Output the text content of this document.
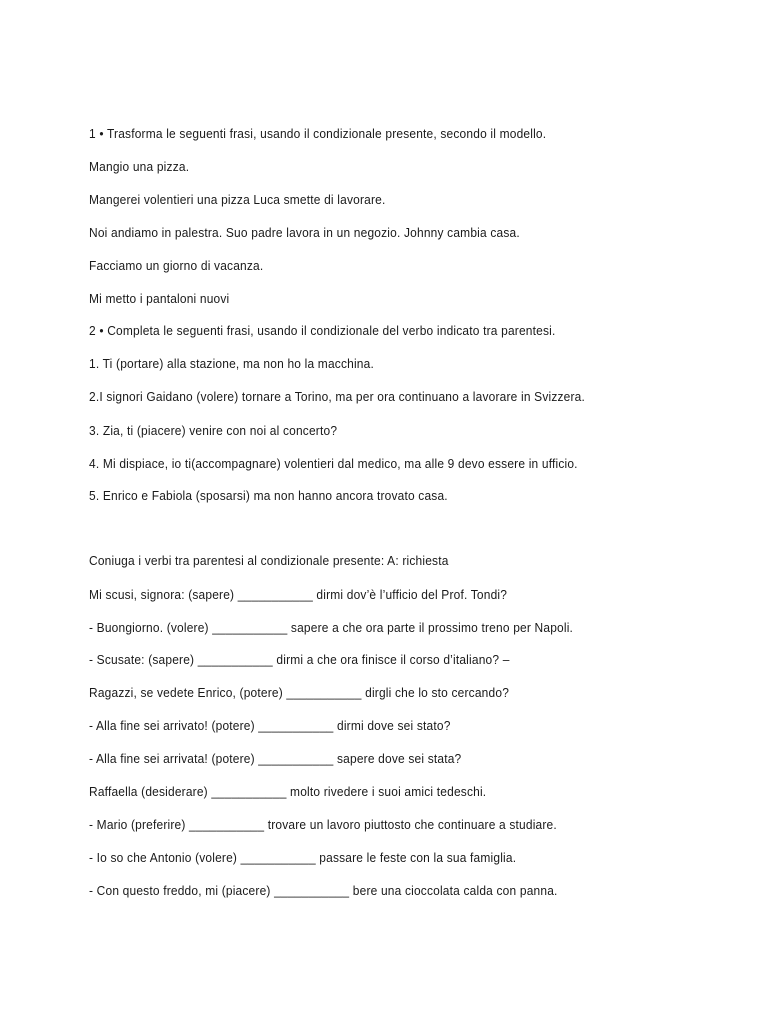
1 • Trasforma le seguenti frasi, usando il condizionale presente, secondo il modello.

Mangio una pizza.

Mangerei volentieri una pizza Luca smette di lavorare.

Noi andiamo in palestra. Suo padre lavora in un negozio. Johnny cambia casa.

Facciamo un giorno di vacanza.

Mi metto i pantaloni nuovi

2 • Completa le seguenti frasi, usando il condizionale del verbo indicato tra parentesi.

1. Ti (portare) alla stazione, ma non ho la macchina.

2.I signori Gaidano (volere) tornare a Torino, ma per ora continuano a lavorare in Svizzera.

3. Zia, ti (piacere) venire con noi al concerto?

4. Mi dispiace, io ti(accompagnare) volentieri dal medico, ma alle 9 devo essere in ufficio.

5. Enrico e Fabiola (sposarsi) ma non hanno ancora trovato casa.

Coniuga i verbi tra parentesi al condizionale presente: A: richiesta

Mi scusi, signora: (sapere) ___________ dirmi dov’è l’ufficio del Prof. Tondi?

- Buongiorno. (volere) ___________ sapere a che ora parte il prossimo treno per Napoli.

- Scusate: (sapere) ___________ dirmi a che ora finisce il corso d’italiano? –

Ragazzi, se vedete Enrico, (potere) ___________ dirgli che lo sto cercando?

- Alla fine sei arrivato! (potere) ___________ dirmi dove sei stato?

- Alla fine sei arrivata! (potere) ___________ sapere dove sei stata?

Raffaella (desiderare) ___________ molto rivedere i suoi amici tedeschi.

- Mario (preferire) ___________ trovare un lavoro piuttosto che continuare a studiare.

- Io so che Antonio (volere) ___________ passare le feste con la sua famiglia.

- Con questo freddo, mi (piacere) ___________ bere una cioccolata calda con panna.
